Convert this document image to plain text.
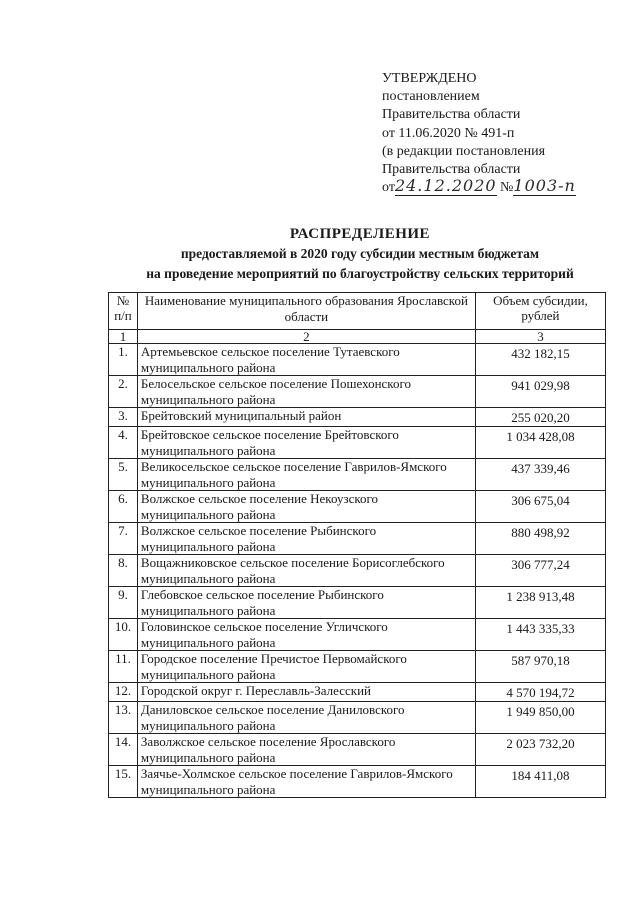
УТВЕРЖДЕНО
постановлением
Правительства области
от 11.06.2020 № 491-п
(в редакции постановления
Правительства области
от24.12.2020 №1003-п
РАСПРЕДЕЛЕНИЕ
предоставляемой в 2020 году субсидии местным бюджетам
на проведение мероприятий по благоустройству сельских территорий
№ п/п	Наименование муниципального образования Ярославской области	Объем субсидии, рублей
1	2	3
1.	Артемьевское сельское поселение Тутаевского муниципального района	432 182,15
2.	Белосельское сельское поселение Пошехонского муниципального района	941 029,98
3.	Брейтовский муниципальный район	255 020,20
4.	Брейтовское сельское поселение Брейтовского муниципального района	1 034 428,08
5.	Великосельское сельское поселение Гаврилов-Ямского муниципального района	437 339,46
6.	Волжское сельское поселение Некоузского муниципального района	306 675,04
7.	Волжское сельское поселение Рыбинского муниципального района	880 498,92
8.	Вощажниковское сельское поселение Борисоглебского муниципального района	306 777,24
9.	Глебовское сельское поселение Рыбинского муниципального района	1 238 913,48
10.	Головинское сельское поселение Угличского муниципального района	1 443 335,33
11.	Городское поселение Пречистое Первомайского муниципального района	587 970,18
12.	Городской округ г. Переславль-Залесский	4 570 194,72
13.	Даниловское сельское поселение Даниловского муниципального района	1 949 850,00
14.	Заволжское сельское поселение Ярославского муниципального района	2 023 732,20
15.	Заячье-Холмское сельское поселение Гаврилов-Ямского муниципального района	184 411,08
